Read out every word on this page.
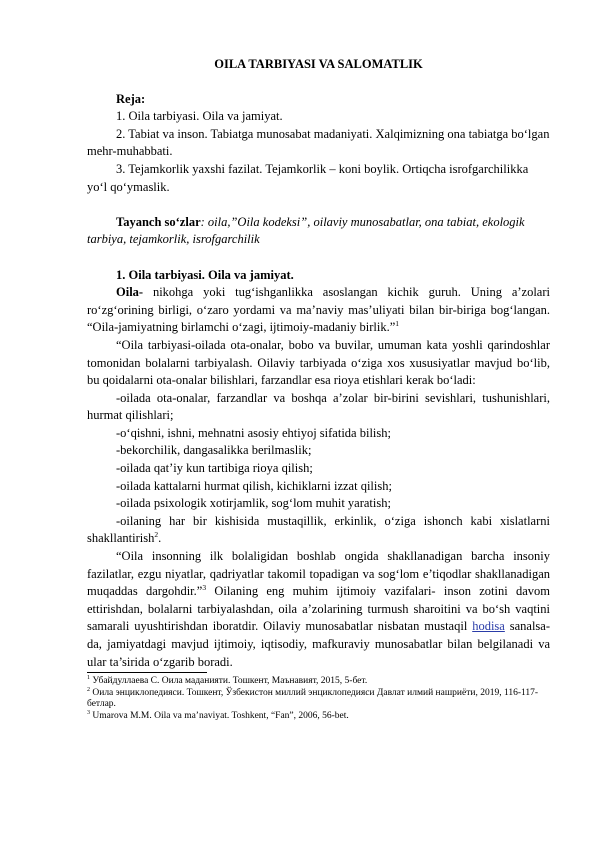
OILA TARBIYASI VA SALOMATLIK

Reja:

1. Oila tarbiyasi. Oila va jamiyat.

2. Tabiat va inson. Tabiatga munosabat madaniyati. Xalqimizning ona tabiatga bo‘lgan mehr-muhabbati.

3. Tejamkorlik yaxshi fazilat. Tejamkorlik – koni boylik. Ortiqcha isrofgarchilikka yo‘l qo‘ymaslik.

Tayanch so‘zlar: oila,”Oila kodeksi”, oilaviy munosabatlar, ona tabiat, ekologik tarbiya, tejamkorlik, isrofgarchilik

1. Oila tarbiyasi. Oila va jamiyat.

Oila- nikohga yoki tug‘ishganlikka asoslangan kichik guruh. Uning a’zolari ro‘zg‘orining birligi, o‘zaro yordami va ma’naviy mas’uliyati bilan bir-biriga bog‘langan. “Oila-jamiyatning birlamchi o‘zagi, ijtimoiy-madaniy birlik.”$^1$

“Oila tarbiyasi-oilada ota-onalar, bobo va buvilar, umuman kata yoshli qarindoshlar tomonidan bolalarni tarbiyalash. Oilaviy tarbiyada o‘ziga xos xususiyatlar mavjud bo‘lib, bu qoidalarni ota-onalar bilishlari, farzandlar esa rioya etishlari kerak bo‘ladi:

-oilada ota-onalar, farzandlar va boshqa a’zolar bir-birini sevishlari, tushunishlari, hurmat qilishlari;

-o‘qishni, ishni, mehnatni asosiy ehtiyoj sifatida bilish;

-bekorchilik, dangasalikka berilmaslik;

-oilada qat’iy kun tartibiga rioya qilish;

-oilada kattalarni hurmat qilish, kichiklarni izzat qilish;

-oilada psixologik xotirjamlik, sog‘lom muhit yaratish;

-oilaning har bir kishisida mustaqillik, erkinlik, o‘ziga ishonch kabi xislatlarni shakllantirish$^2$.

“Oila insonning ilk bolaligidan boshlab ongida shakllanadigan barcha insoniy fazilatlar, ezgu niyatlar, qadriyatlar takomil topadigan va sog‘lom e’tiqodlar shakllanadigan muqaddas dargohdir.”$^3$ Oilaning eng muhim ijtimoiy vazifalari- inson zotini davom ettirishdan, bolalarni tarbiyalashdan, oila a’zolarining turmush sharoitini va bo‘sh vaqtini samarali uyushtirishdan iboratdir. Oilaviy munosabatlar nisbatan mustaqil hodisa sanalsa-da, jamiyatdagi mavjud ijtimoiy, iqtisodiy, mafkuraviy munosabatlar bilan belgilanadi va ular ta’sirida o‘zgarib boradi.

$^1$ Убайдуллаева С. Оила маданияти. Тошкент, Маънавият, 2015, 5-бет.

$^2$ Оила энциклопедияси. Тошкент, Ўзбекистон миллий энциклопедияси Давлат илмий нашриёти, 2019, 116-117-бетлар.

$^3$ Umarova M.M. Oila va ma’naviyat. Toshkent, “Fan”, 2006, 56-bet.
